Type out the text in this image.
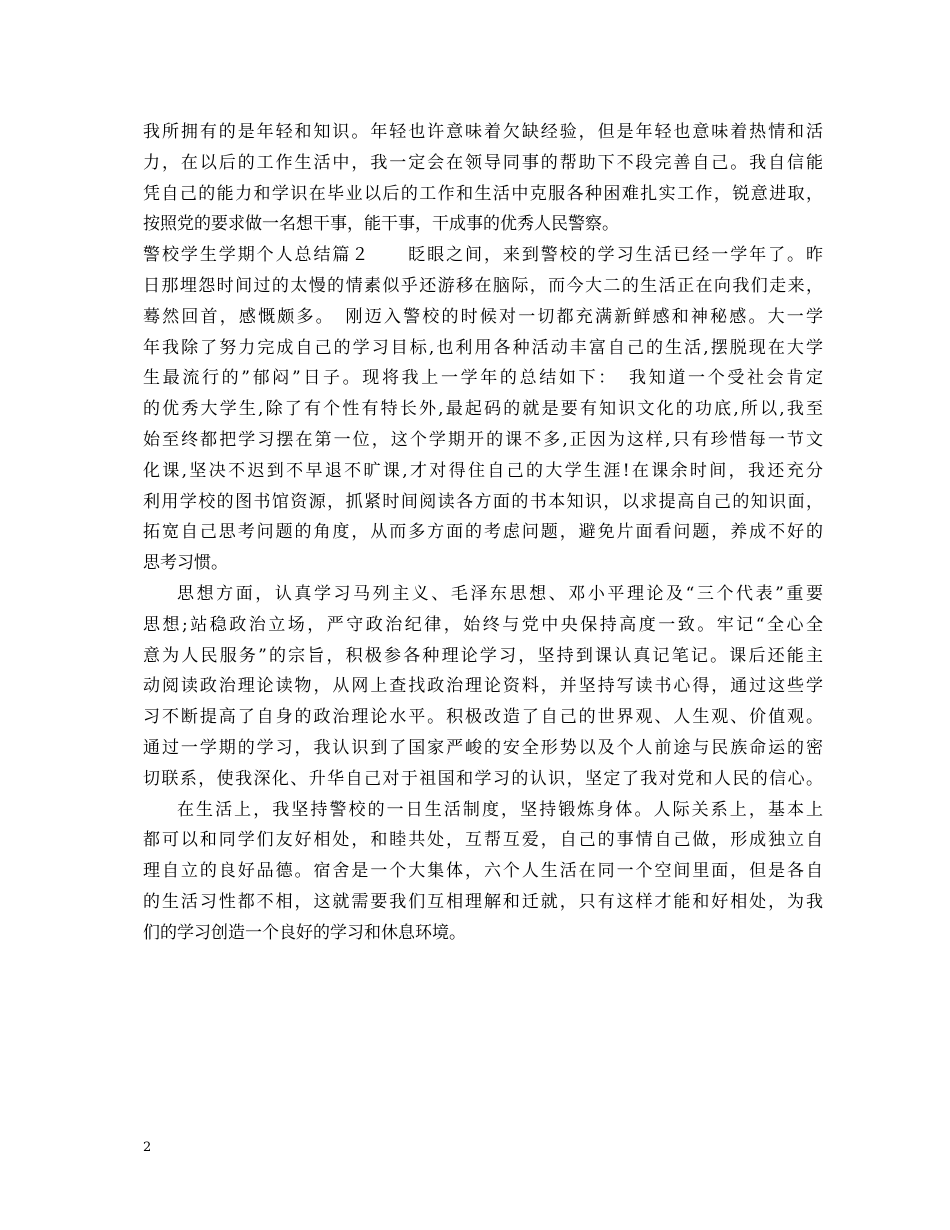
我所拥有的是年轻和知识。年轻也许意味着欠缺经验，但是年轻也意味着热情和活
力，在以后的工作生活中，我一定会在领导同事的帮助下不段完善自己。我自信能
凭自己的能力和学识在毕业以后的工作和生活中克服各种困难扎实工作，锐意进取，
按照党的要求做一名想干事，能干事，干成事的优秀人民警察。
警校学生学期个人总结篇２　　眨眼之间，来到警校的学习生活已经一学年了。昨
日那埋怨时间过的太慢的情素似乎还游移在脑际，而今大二的生活正在向我们走来，
蓦然回首，感慨颇多。　刚迈入警校的时候对一切都充满新鲜感和神秘感。大一学
年我除了努力完成自己的学习目标,也利用各种活动丰富自己的生活,摆脱现在大学
生最流行的”郁闷”日子。现将我上一学年的总结如下：　我知道一个受社会肯定
的优秀大学生,除了有个性有特长外,最起码的就是要有知识文化的功底,所以,我至
始至终都把学习摆在第一位，这个学期开的课不多,正因为这样,只有珍惜每一节文
化课,坚决不迟到不早退不旷课,才对得住自己的大学生涯!在课余时间，我还充分
利用学校的图书馆资源，抓紧时间阅读各方面的书本知识，以求提高自己的知识面，
拓宽自己思考问题的角度，从而多方面的考虑问题，避免片面看问题，养成不好的
思考习惯。
思想方面，认真学习马列主义、毛泽东思想、邓小平理论及“三个代表”重要
思想;站稳政治立场，严守政治纪律，始终与党中央保持高度一致。牢记“全心全
意为人民服务”的宗旨，积极参各种理论学习，坚持到课认真记笔记。课后还能主
动阅读政治理论读物，从网上查找政治理论资料，并坚持写读书心得，通过这些学
习不断提高了自身的政治理论水平。积极改造了自己的世界观、人生观、价值观。
通过一学期的学习，我认识到了国家严峻的安全形势以及个人前途与民族命运的密
切联系，使我深化、升华自己对于祖国和学习的认识，坚定了我对党和人民的信心。
在生活上，我坚持警校的一日生活制度，坚持锻炼身体。人际关系上，基本上
都可以和同学们友好相处，和睦共处，互帮互爱，自己的事情自己做，形成独立自
理自立的良好品德。宿舍是一个大集体，六个人生活在同一个空间里面，但是各自
的生活习性都不相，这就需要我们互相理解和迁就，只有这样才能和好相处，为我
们的学习创造一个良好的学习和休息环境。
2
